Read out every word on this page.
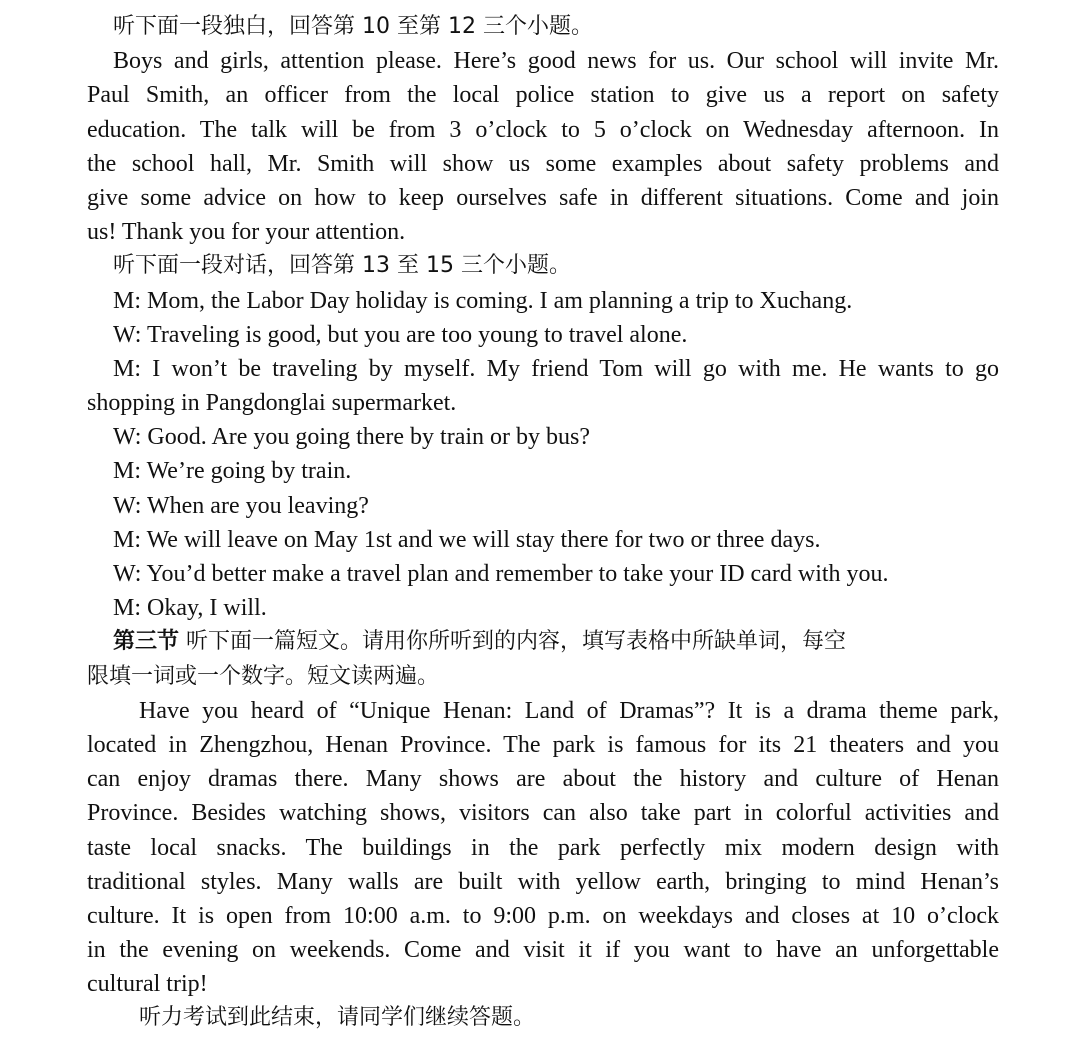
听下面一段独白，回答第 10 至第 12 三个小题。
Boys and girls, attention please. Here’s good news for us. Our school will invite Mr.
Paul Smith, an officer from the local police station to give us a report on safety
education. The talk will be from 3 o’clock to 5 o’clock on Wednesday afternoon. In
the school hall, Mr. Smith will show us some examples about safety problems and
give some advice on how to keep ourselves safe in different situations. Come and join
us! Thank you for your attention.
听下面一段对话，回答第 13 至 15 三个小题。
M: Mom, the Labor Day holiday is coming. I am planning a trip to Xuchang.
W: Traveling is good, but you are too young to travel alone.
M: I won’t be traveling by myself. My friend Tom will go with me. He wants to go
shopping in Pangdonglai supermarket.
W: Good. Are you going there by train or by bus?
M: We’re going by train.
W: When are you leaving?
M: We will leave on May 1st and we will stay there for two or three days.
W: You’d better make a travel plan and remember to take your ID card with you.
M: Okay, I will.
第三节 听下面一篇短文。请用你所听到的内容，填写表格中所缺单词，每空
限填一词或一个数字。短文读两遍。
Have you heard of “Unique Henan: Land of Dramas”? It is a drama theme park,
located in Zhengzhou, Henan Province. The park is famous for its 21 theaters and you
can enjoy dramas there. Many shows are about the history and culture of Henan
Province. Besides watching shows, visitors can also take part in colorful activities and
taste local snacks. The buildings in the park perfectly mix modern design with
traditional styles. Many walls are built with yellow earth, bringing to mind Henan’s
culture. It is open from 10:00 a.m. to 9:00 p.m. on weekdays and closes at 10 o’clock
in the evening on weekends. Come and visit it if you want to have an unforgettable
cultural trip!
听力考试到此结束，请同学们继续答题。
